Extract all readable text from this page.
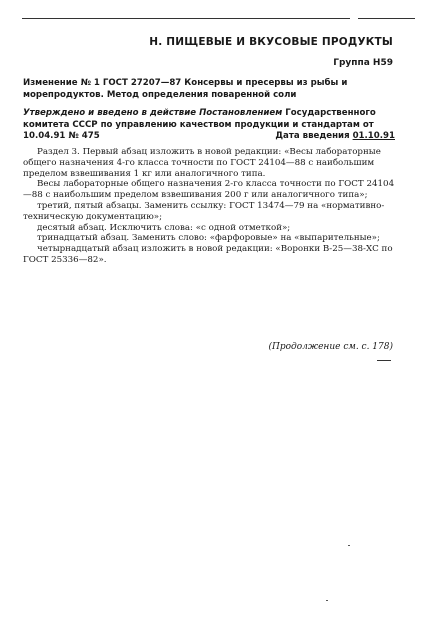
Н. ПИЩЕВЫЕ И ВКУСОВЫЕ ПРОДУКТЫ
Группа Н59
Изменение № 1 ГОСТ 27207—87 Консервы и пресервы из рыбы и морепродуктов. Метод определения поваренной соли
Утверждено и введено в действие Постановлением Государственного комитета СССР по управлению качеством продукции и стандартам от 10.04.91 № 475	Дата введения 01.10.91

Раздел 3. Первый абзац изложить в новой редакции: «Весы лабораторные общего назначения 4-го класса точности по ГОСТ 24104—88 с наибольшим пределом взвешивания 1 кг или аналогичного типа.

Весы лабораторные общего назначения 2-го класса точности по ГОСТ 24104—88 с наибольшим пределом взвешивания 200 г или аналогичного типа»;

третий, пятый абзацы. Заменить ссылку: ГОСТ 13474—79 на «нормативно-техническую документацию»;

десятый абзац. Исключить слова: «с одной отметкой»;

тринадцатый абзац. Заменить слово: «фарфоровые» на «выпарительные»;

четырнадцатый абзац изложить в новой редакции: «Воронки В-25—38-ХС по ГОСТ 25336—82».

(Продолжение см. с. 178)
